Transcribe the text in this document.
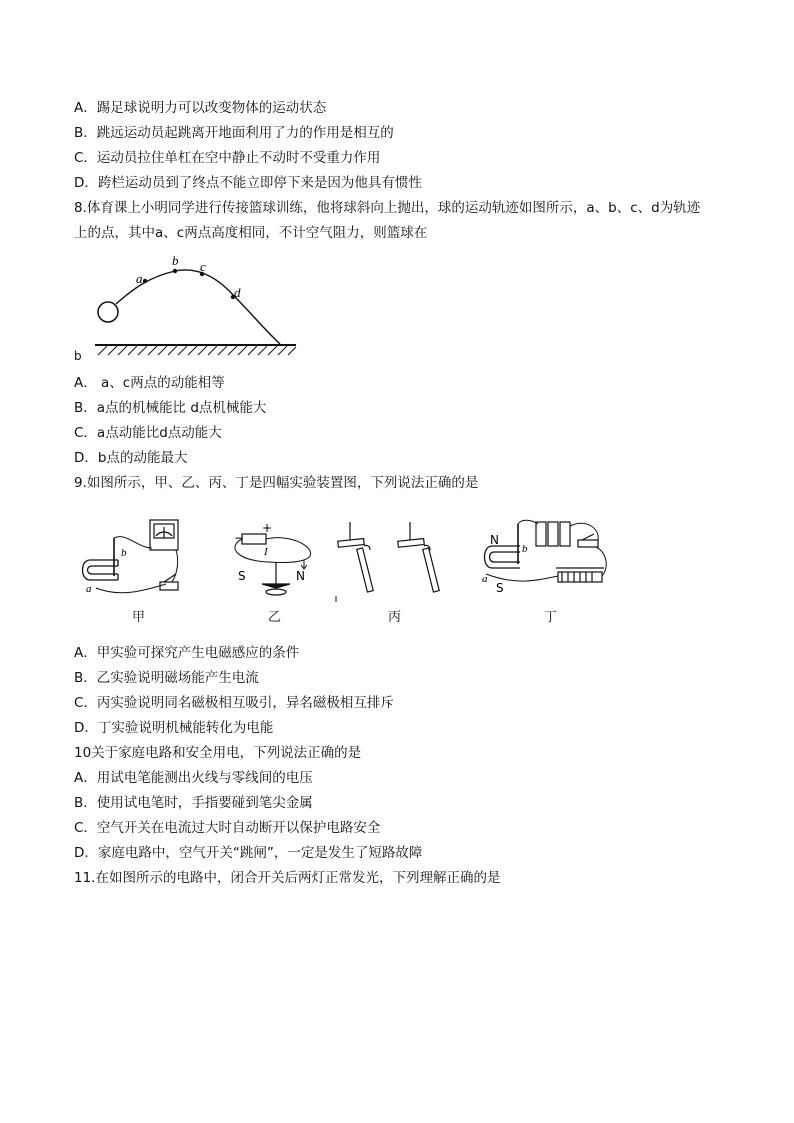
A．踢足球说明力可以改变物体的运动状态
B．跳远运动员起跳离开地面利用了力的作用是相互的
C．运动员拉住单杠在空中静止不动时不受重力作用
D．跨栏运动员到了终点不能立即停下来是因为他具有惯性
8.体育课上小明同学进行传接篮球训练，他将球斜向上抛出，球的运动轨迹如图所示，a、b、c、d为轨迹
上的点，其中a、c两点高度相同，不计空气阻力，则篮球在
a
b c
d
b
A． a、c两点的动能相等
B．a点的机械能比 d点机械能大
C．a点动能比d点动能大
D．b点的动能最大
9.如图所示，甲、乙、丙、丁是四幅实验装置图，下列说法正确的是
b
a
甲
−
+
I
S	N
乙	丙
N
S
a
b
丁
A．甲实验可探究产生电磁感应的条件
B．乙实验说明磁场能产生电流
C．丙实验说明同名磁极相互吸引，异名磁极相互排斥
D．丁实验说明机械能转化为电能
10关于家庭电路和安全用电，下列说法正确的是
A．用试电笔能测出火线与零线间的电压
B．使用试电笔时，手指要碰到笔尖金属
C．空气开关在电流过大时自动断开以保护电路安全
D．家庭电路中，空气开关“跳闸”，一定是发生了短路故障
11.在如图所示的电路中，闭合开关后两灯正常发光，下列理解正确的是
